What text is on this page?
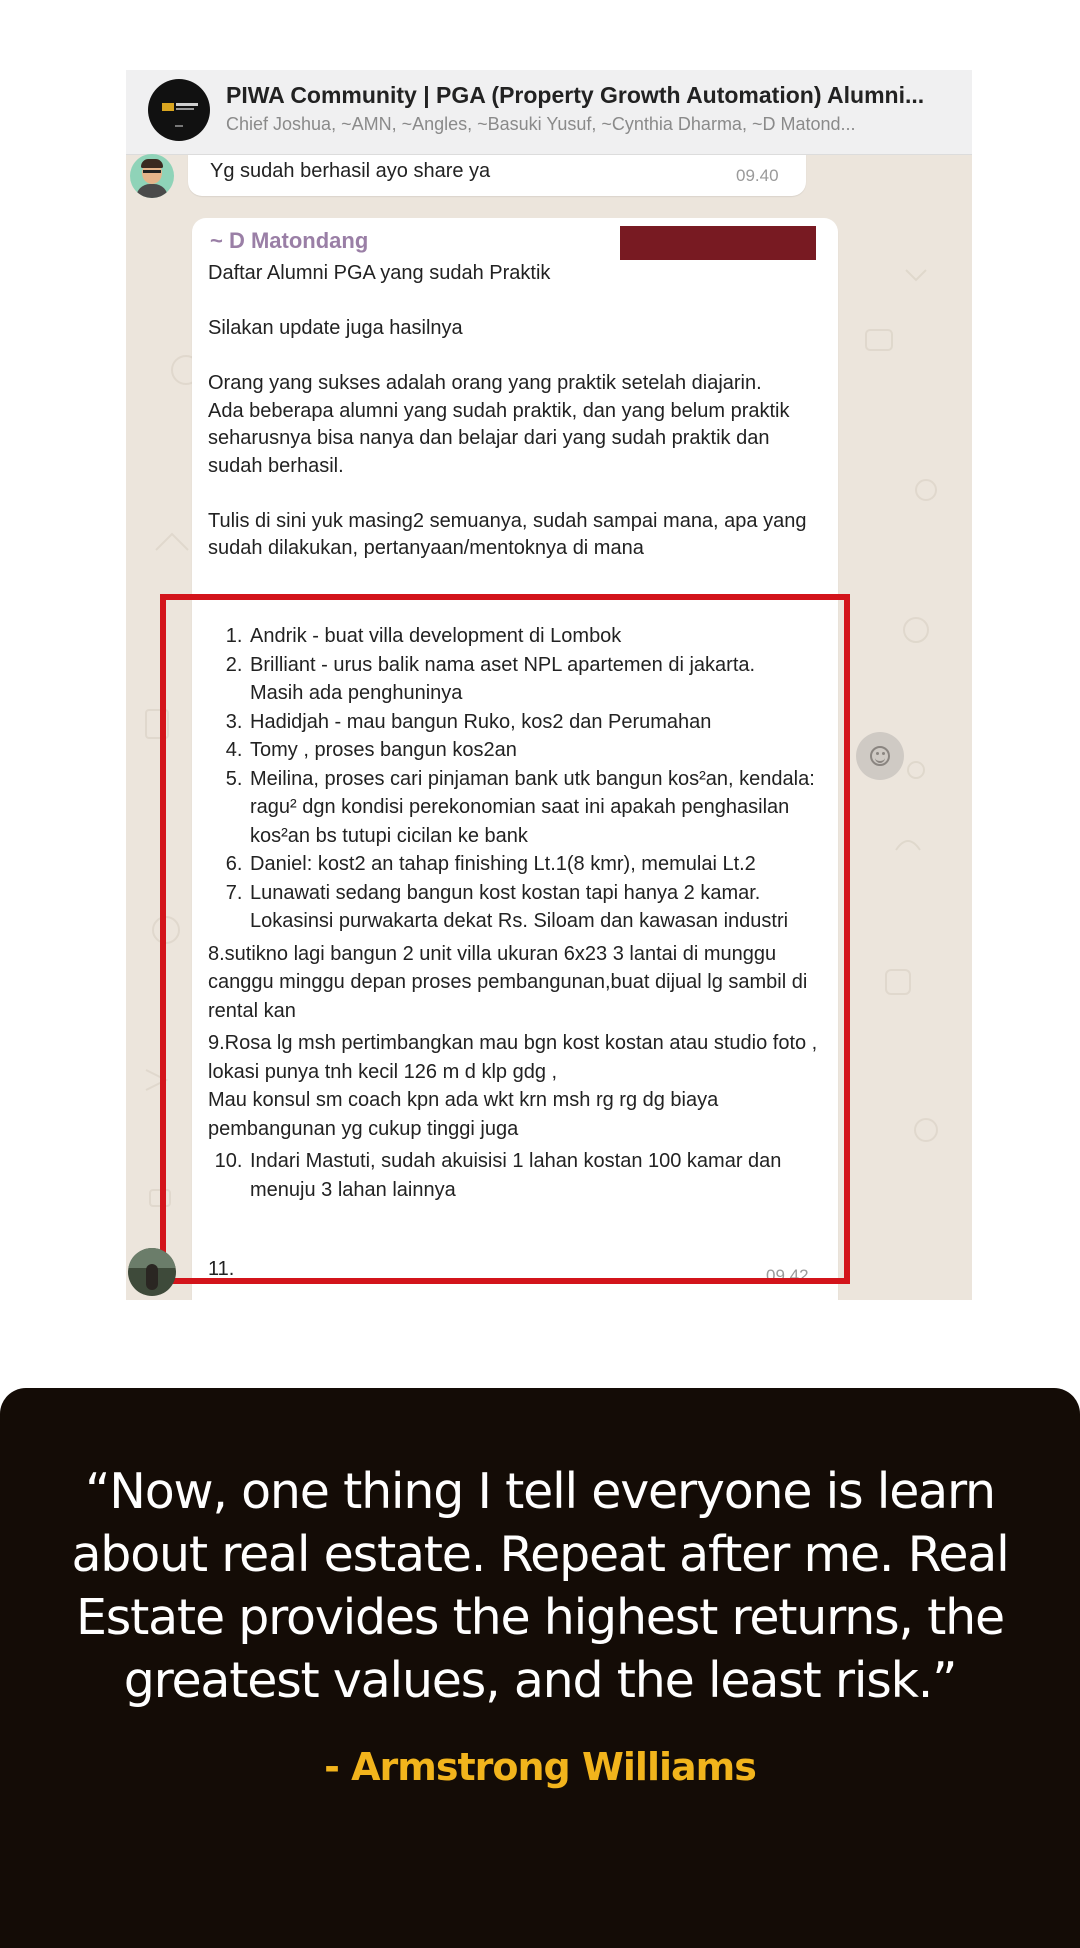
PIWA Community | PGA (Property Growth Automation) Alumni...
Chief Joshua, ~AMN, ~Angles, ~Basuki Yusuf, ~Cynthia Dharma, ~D Matond...
Yg sudah berhasil ayo share ya	09.40
~ D Matondang

Daftar Alumni PGA yang sudah Praktik

Silakan update juga hasilnya

Orang yang sukses adalah orang yang praktik setelah diajarin.

Ada beberapa alumni yang sudah praktik, dan yang belum praktik seharusnya bisa nanya dan belajar dari yang sudah praktik dan sudah berhasil.

Tulis di sini yuk masing2 semuanya, sudah sampai mana, apa yang sudah dilakukan, pertanyaan/mentoknya di mana

1. Andrik - buat villa development di Lombok
2. Brilliant - urus balik nama aset NPL apartemen di jakarta. Masih ada penghuninya
3. Hadidjah - mau bangun Ruko, kos2 dan Perumahan
4. Tomy , proses bangun kos2an
5. Meilina, proses cari pinjaman bank utk bangun kos²an, kendala: ragu² dgn kondisi perekonomian saat ini apakah penghasilan kos²an bs tutupi cicilan ke bank
6. Daniel: kost2 an tahap finishing Lt.1(8 kmr), memulai Lt.2
7. Lunawati sedang bangun kost kostan tapi hanya 2 kamar. Lokasinsi purwakarta dekat Rs. Siloam dan kawasan industri

8.sutikno lagi bangun 2 unit villa ukuran 6x23 3 lantai di munggu canggu minggu depan proses pembangunan,buat dijual lg sambil di rental kan

9.Rosa lg msh pertimbangkan mau bgn kost kostan atau studio foto , lokasi punya tnh kecil 126 m d klp gdg ,
Mau konsul sm coach kpn ada wkt krn msh rg rg dg biaya pembangunan yg cukup tinggi juga

10. Indari Mastuti, sudah akuisisi 1 lahan kostan 100 kamar dan menuju 3 lahan lainnya
11.	09.42
“Now, one thing I tell everyone is learn about real estate. Repeat after me. Real Estate provides the highest returns, the greatest values, and the least risk.”
- Armstrong Williams
